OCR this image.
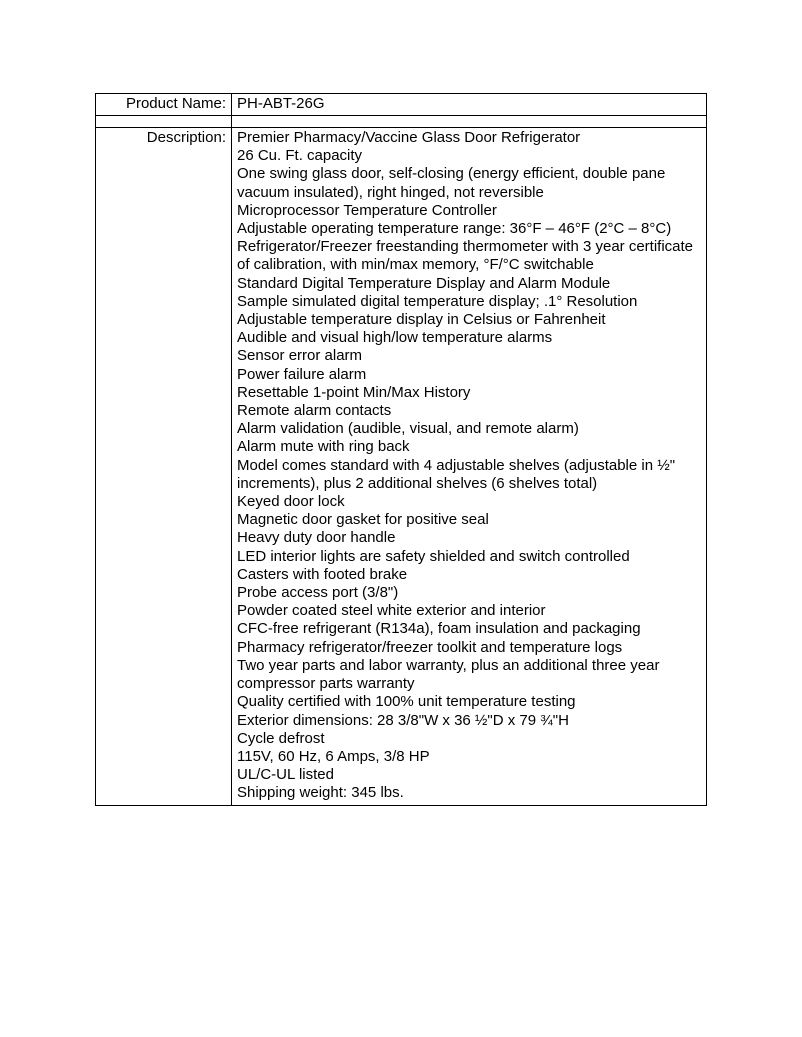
Product Name:	PH-ABT-26G

Description:	Premier Pharmacy/Vaccine Glass Door Refrigerator
26 Cu. Ft. capacity
One swing glass door, self-closing (energy efficient, double pane vacuum insulated), right hinged, not reversible
Microprocessor Temperature Controller
Adjustable operating temperature range: 36°F – 46°F (2°C – 8°C)
Refrigerator/Freezer freestanding thermometer with 3 year certificate of calibration, with min/max memory, °F/°C switchable
Standard Digital Temperature Display and Alarm Module
Sample simulated digital temperature display; .1° Resolution
Adjustable temperature display in Celsius or Fahrenheit
Audible and visual high/low temperature alarms
Sensor error alarm
Power failure alarm
Resettable 1-point Min/Max History
Remote alarm contacts
Alarm validation (audible, visual, and remote alarm)
Alarm mute with ring back
Model comes standard with 4 adjustable shelves (adjustable in ½" increments), plus 2 additional shelves (6 shelves total)
Keyed door lock
Magnetic door gasket for positive seal
Heavy duty door handle
LED interior lights are safety shielded and switch controlled
Casters with footed brake
Probe access port (3/8")
Powder coated steel white exterior and interior
CFC-free refrigerant (R134a), foam insulation and packaging
Pharmacy refrigerator/freezer toolkit and temperature logs
Two year parts and labor warranty, plus an additional three year compressor parts warranty
Quality certified with 100% unit temperature testing
Exterior dimensions: 28 3/8"W x 36 ½"D x 79 ¾"H
Cycle defrost
115V, 60 Hz, 6 Amps, 3/8 HP
UL/C-UL listed
Shipping weight: 345 lbs.
